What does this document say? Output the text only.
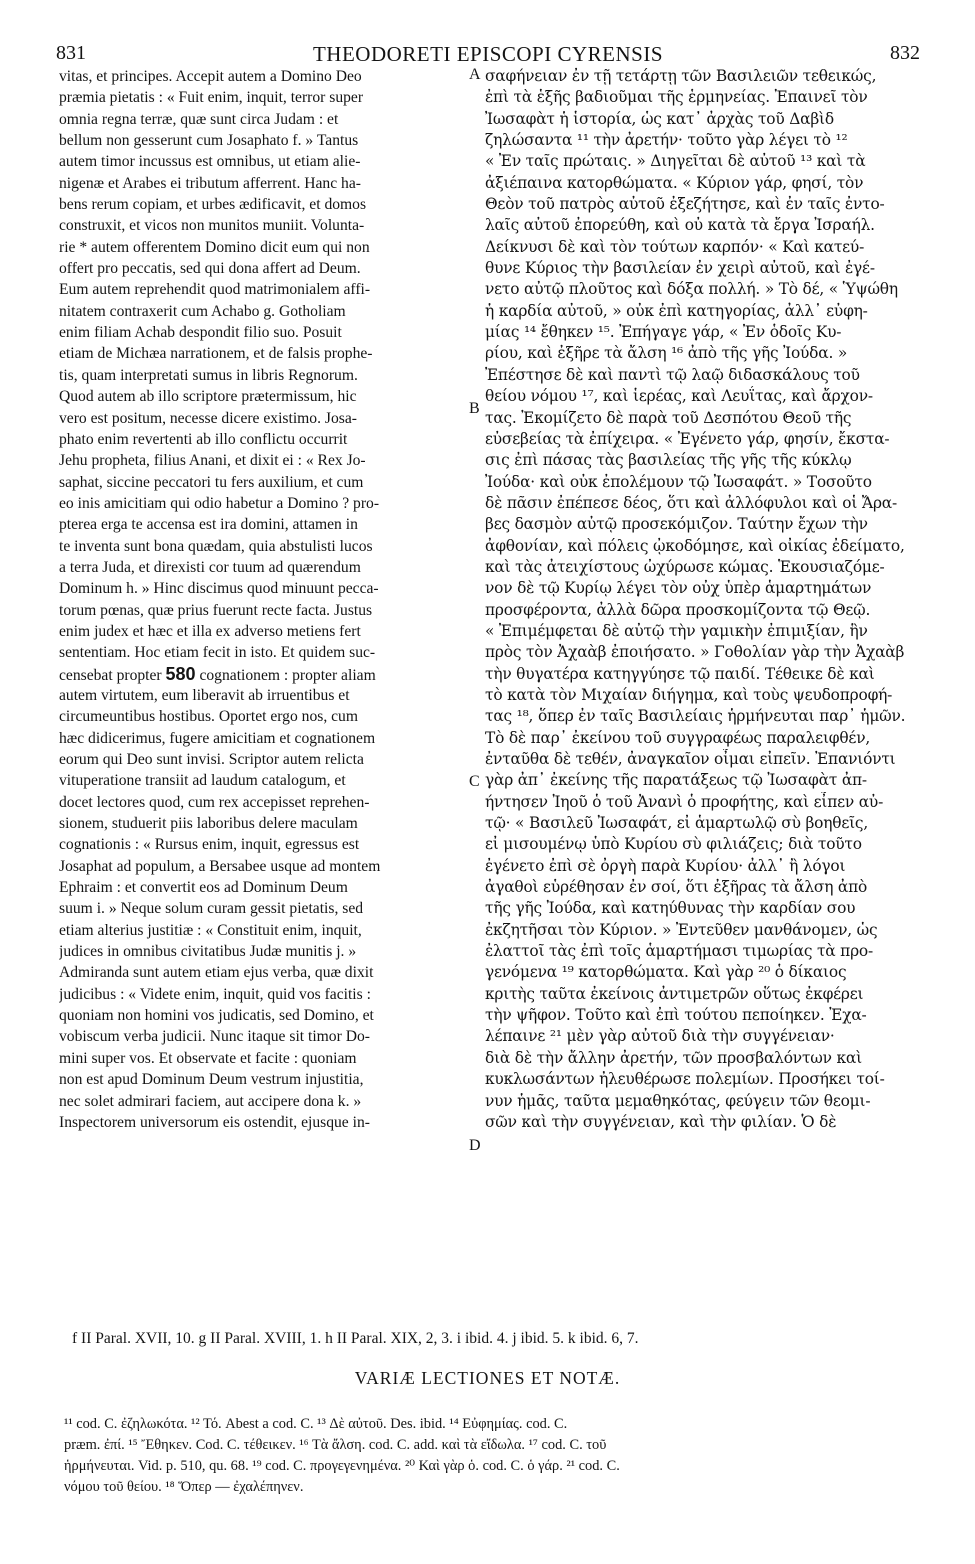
831	THEODORETI EPISCOPI CYRENSIS	832
vitas, et principes. Accepit autem a Domino Deo
præmia pietatis : « Fuit enim, inquit, terror super
omnia regna terræ, quæ sunt circa Judam : et
bellum non gesserunt cum Josaphato f. » Tantus
autem timor incussus est omnibus, ut etiam alie-
nigenæ et Arabes ei tributum afferrent. Hanc ha-
bens rerum copiam, et urbes ædificavit, et domos
construxit, et vicos non munitos muniit. Volunta-
rie * autem offerentem Domino dicit eum qui non
offert pro peccatis, sed qui dona affert ad Deum.
Eum autem reprehendit quod matrimonialem affi-
nitatem contraxerit cum Achabo g. Gotholiam
enim filiam Achab despondit filio suo. Posuit
etiam de Michæa narrationem, et de falsis prophe-
tis, quam interpretati sumus in libris Regnorum.
Quod autem ab illo scriptore prætermissum, hic
vero est positum, necesse dicere existimo. Josa-
phato enim revertenti ab illo conflictu occurrit
Jehu propheta, filius Anani, et dixit ei : « Rex Jo-
saphat, siccine peccatori tu fers auxilium, et cum
eo inis amicitiam qui odio habetur a Domino ? pro-
pterea erga te accensa est ira domini, attamen in
te inventa sunt bona quædam, quia abstulisti lucos
a terra Juda, et direxisti cor tuum ad quærendum
Dominum h. » Hinc discimus quod minuunt pecca-
torum pœnas, quæ prius fuerunt recte facta. Justus
enim judex et hæc et illa ex adverso metiens fert
sententiam. Hoc etiam fecit in isto. Et quidem suc-
censebat propter 580 cognationem : propter aliam
autem virtutem, eum liberavit ab irruentibus et
circumeuntibus hostibus. Oportet ergo nos, cum
hæc didicerimus, fugere amicitiam et cognationem
eorum qui Deo sunt invisi. Scriptor autem relicta
vituperatione transiit ad laudum catalogum, et
docet lectores quod, cum rex accepisset reprehen-
sionem, studuerit piis laboribus delere maculam
cognationis : « Rursus enim, inquit, egressus est
Josaphat ad populum, a Bersabee usque ad montem
Ephraim : et convertit eos ad Dominum Deum
suum i. » Neque solum curam gessit pietatis, sed
etiam alterius justitiæ : « Constituit enim, inquit,
judices in omnibus civitatibus Judæ munitis j. »
Admiranda sunt autem etiam ejus verba, quæ dixit
judicibus : « Videte enim, inquit, quid vos facitis :
quoniam non homini vos judicatis, sed Domino, et
vobiscum verba judicii. Nunc itaque sit timor Do-
mini super vos. Et observate et facite : quoniam
non est apud Dominum Deum vestrum injustitia,
nec solet admirari faciem, aut accipere dona k. »
Inspectorem universorum eis ostendit, ejusque in-
A
B
C
D
σαφήνειαν ἐν τῇ τετάρτῃ τῶν Βασιλειῶν τεθεικώς,
ἐπὶ τὰ ἑξῆς βαδιοῦμαι τῆς ἑρμηνείας. Ἐπαινεῖ τὸν
Ἰωσαφὰτ ἡ ἱστορία, ὡς κατ᾽ ἀρχὰς τοῦ Δαβὶδ
ζηλώσαντα ¹¹ τὴν ἀρετήν· τοῦτο γὰρ λέγει τὸ ¹²
« Ἐν ταῖς πρώταις. » Διηγεῖται δὲ αὐτοῦ ¹³ καὶ τὰ
ἀξιέπαινα κατορθώματα. « Κύριον γάρ, φησί, τὸν
Θεὸν τοῦ πατρὸς αὐτοῦ ἐξεζήτησε, καὶ ἐν ταῖς ἐντο-
λαῖς αὐτοῦ ἐπορεύθη, καὶ οὐ κατὰ τὰ ἔργα Ἰσραήλ.
Δείκνυσι δὲ καὶ τὸν τούτων καρπόν· « Καὶ κατεύ-
θυνε Κύριος τὴν βασιλείαν ἐν χειρὶ αὐτοῦ, καὶ ἐγέ-
νετο αὐτῷ πλοῦτος καὶ δόξα πολλή. » Τὸ δέ, « Ὑψώθη
ἡ καρδία αὐτοῦ, » οὐκ ἐπὶ κατηγορίας, ἀλλ᾽ εὐφη-
μίας ¹⁴ ἔθηκεν ¹⁵. Ἐπήγαγε γάρ, « Ἐν ὁδοῖς Κυ-
ρίου, καὶ ἐξῆρε τὰ ἄλση ¹⁶ ἀπὸ τῆς γῆς Ἰούδα. »
Ἐπέστησε δὲ καὶ παντὶ τῷ λαῷ διδασκάλους τοῦ
θείου νόμου ¹⁷, καὶ ἱερέας, καὶ Λευΐτας, καὶ ἄρχον-
τας. Ἐκομίζετο δὲ παρὰ τοῦ Δεσπότου Θεοῦ τῆς
εὐσεβείας τὰ ἐπίχειρα. « Ἐγένετο γάρ, φησίν, ἔκστα-
σις ἐπὶ πάσας τὰς βασιλείας τῆς γῆς τῆς κύκλῳ
Ἰούδα· καὶ οὐκ ἐπολέμουν τῷ Ἰωσαφάτ. » Τοσοῦτο
δὲ πᾶσιν ἐπέπεσε δέος, ὅτι καὶ ἀλλόφυλοι καὶ οἱ Ἄρα-
βες δασμὸν αὐτῷ προσεκόμιζον. Ταύτην ἔχων τὴν
ἀφθονίαν, καὶ πόλεις ᾠκοδόμησε, καὶ οἰκίας ἐδείματο,
καὶ τὰς ἀτειχίστους ὠχύρωσε κώμας. Ἑκουσιαζόμε-
νον δὲ τῷ Κυρίῳ λέγει τὸν οὐχ ὑπὲρ ἁμαρτημάτων
προσφέροντα, ἀλλὰ δῶρα προσκομίζοντα τῷ Θεῷ.
« Ἐπιμέμφεται δὲ αὐτῷ τὴν γαμικὴν ἐπιμιξίαν, ἣν
πρὸς τὸν Ἀχαὰβ ἐποιήσατο. » Γοθολίαν γὰρ τὴν Ἀχαὰβ
τὴν θυγατέρα κατηγγύησε τῷ παιδί. Τέθεικε δὲ καὶ
τὸ κατὰ τὸν Μιχαίαν διήγημα, καὶ τοὺς ψευδοπροφή-
τας ¹⁸, ὅπερ ἐν ταῖς Βασιλείαις ἡρμήνευται παρ᾽ ἡμῶν.
Τὸ δὲ παρ᾽ ἐκείνου τοῦ συγγραφέως παραλειφθέν,
ἐνταῦθα δὲ τεθέν, ἀναγκαῖον οἶμαι εἰπεῖν. Ἐπανιόντι
γὰρ ἀπ᾽ ἐκείνης τῆς παρατάξεως τῷ Ἰωσαφὰτ ἀπ-
ήντησεν Ἰηοῦ ὁ τοῦ Ἀνανὶ ὁ προφήτης, καὶ εἶπεν αὐ-
τῷ· « Βασιλεῦ Ἰωσαφάτ, εἰ ἁμαρτωλῷ σὺ βοηθεῖς,
εἰ μισουμένῳ ὑπὸ Κυρίου σὺ φιλιάζεις; διὰ τοῦτο
ἐγένετο ἐπὶ σὲ ὀργὴ παρὰ Κυρίου· ἀλλ᾽ ἢ λόγοι
ἀγαθοὶ εὑρέθησαν ἐν σοί, ὅτι ἐξῆρας τὰ ἄλση ἀπὸ
τῆς γῆς Ἰούδα, καὶ κατηύθυνας τὴν καρδίαν σου
ἐκζητῆσαι τὸν Κύριον. » Ἐντεῦθεν μανθάνομεν, ὡς
ἐλαττοῖ τὰς ἐπὶ τοῖς ἁμαρτήμασι τιμωρίας τὰ προ-
γενόμενα ¹⁹ κατορθώματα. Καὶ γὰρ ²⁰ ὁ δίκαιος
κριτὴς ταῦτα ἐκείνοις ἀντιμετρῶν οὕτως ἐκφέρει
τὴν ψῆφον. Τοῦτο καὶ ἐπὶ τούτου πεποίηκεν. Ἐχα-
λέπαινε ²¹ μὲν γὰρ αὐτοῦ διὰ τὴν συγγένειαν·
διὰ δὲ τὴν ἄλλην ἀρετήν, τῶν προσβαλόντων καὶ
κυκλωσάντων ἠλευθέρωσε πολεμίων. Προσήκει τοί-
νυν ἡμᾶς, ταῦτα μεμαθηκότας, φεύγειν τῶν θεομι-
σῶν καὶ τὴν συγγένειαν, καὶ τὴν φιλίαν. Ὁ δὲ
f II Paral. XVII, 10. g II Paral. XVIII, 1. h II Paral. XIX, 2, 3. i ibid. 4. j ibid. 5. k ibid. 6, 7.
VARIÆ LECTIONES ET NOTÆ.
¹¹ cod. C. ἐζηλωκότα. ¹² Τό. Abest a cod. C. ¹³ Δὲ αὐτοῦ. Des. ibid. ¹⁴ Εὐφημίας. cod. C.
præm. ἐπί. ¹⁵ Ἔθηκεν. Cod. C. τέθεικεν. ¹⁶ Τὰ ἄλση. cod. C. add. καὶ τὰ εἴδωλα. ¹⁷ cod. C. τοῦ
ἡρμήνευται. Vid. p. 510, qu. 68. ¹⁹ cod. C. προγεγενημένα. ²⁰ Καὶ γὰρ ὁ. cod. C. ὁ γάρ. ²¹ cod. C.
νόμου τοῦ θείου. ¹⁸ Ὅπερ — ἐχαλέπηνεν.
